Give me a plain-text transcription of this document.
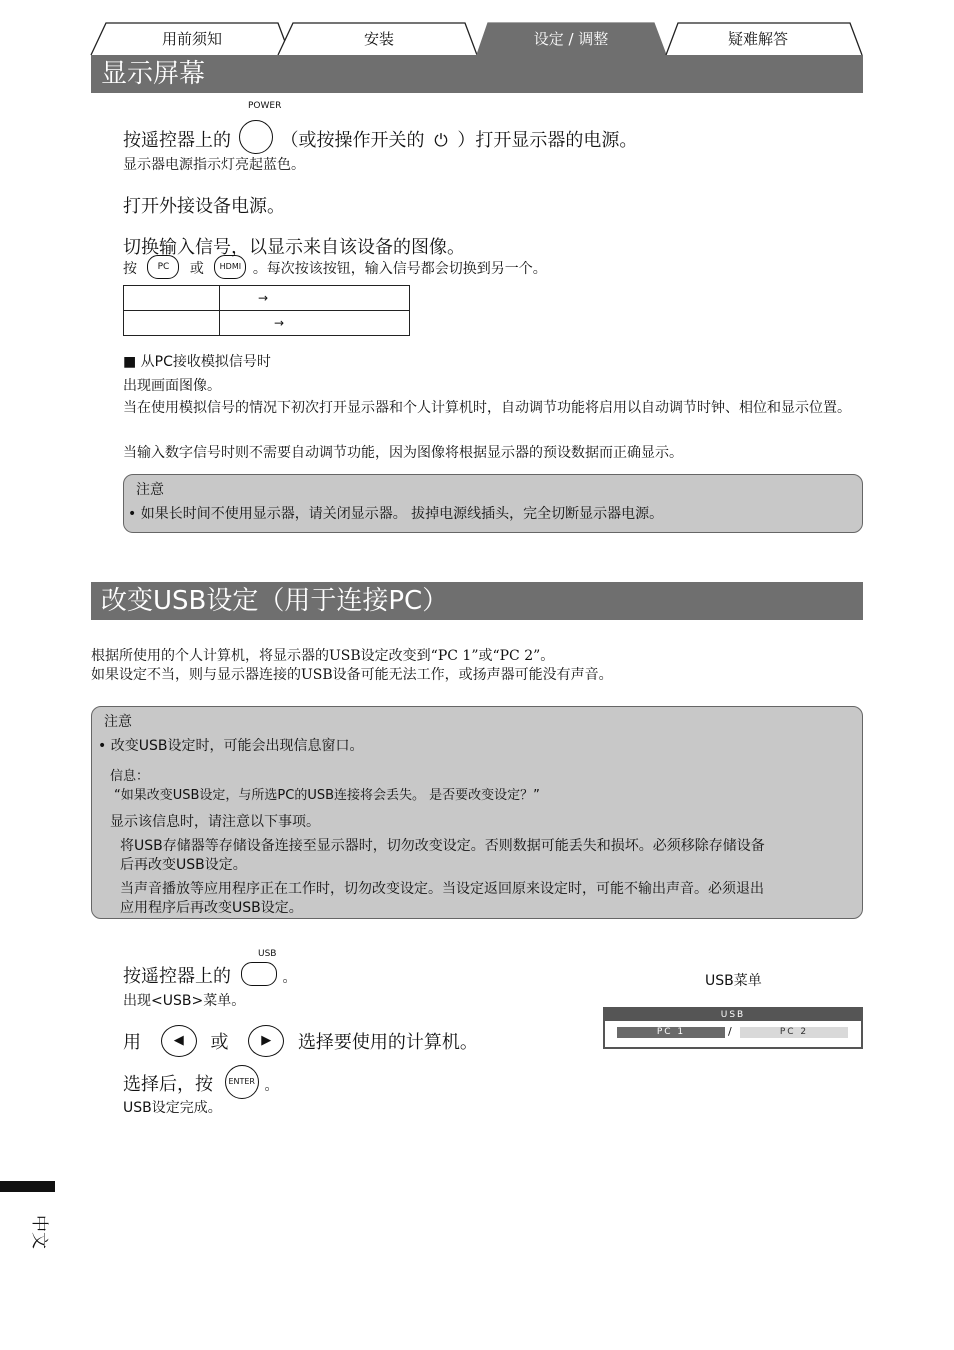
用前须知	安装	设定 / 调整	疑难解答
显示屏幕
POWER
按遥控器上的	（或按操作开关的 ⏻ ）打开显示器的电源。
显示器电源指示灯亮起蓝色。
打开外接设备电源。
切换输入信号，以显示来自该设备的图像。
按 PC 或 HDMI 。每次按该按钮，输入信号都会切换到另一个。
	→
	→
■ 从PC接收模拟信号时
出现画面图像。
当在使用模拟信号的情况下初次打开显示器和个人计算机时，自动调节功能将启用以自动调节时钟、相位和显示位置。
当输入数字信号时则不需要自动调节功能，因为图像将根据显示器的预设数据而正确显示。
注意
• 如果长时间不使用显示器，请关闭显示器。 拔掉电源线插头，完全切断显示器电源。
改变USB设定（用于连接PC）
根据所使用的个人计算机，将显示器的USB设定改变到“PC 1”或“PC 2”。
如果设定不当，则与显示器连接的USB设备可能无法工作，或扬声器可能没有声音。
注意
• 改变USB设定时，可能会出现信息窗口。
信息：
“如果改变USB设定，与所选PC的USB连接将会丢失。 是否要改变设定？”
显示该信息时，请注意以下事项。
将USB存储器等存储设备连接至显示器时，切勿改变设定。否则数据可能丢失和损坏。必须移除存储设备
后再改变USB设定。
当声音播放等应用程序正在工作时，切勿改变设定。当设定返回原来设定时，可能不输出声音。必须退出
应用程序后再改变USB设定。
USB
按遥控器上的	。
出现<USB>菜单。
用	◀ 或	▶ 选择要使用的计算机。
选择后，按 ENTER 。
USB设定完成。
USB菜单
USB
PC 1	/	PC 2
中文
